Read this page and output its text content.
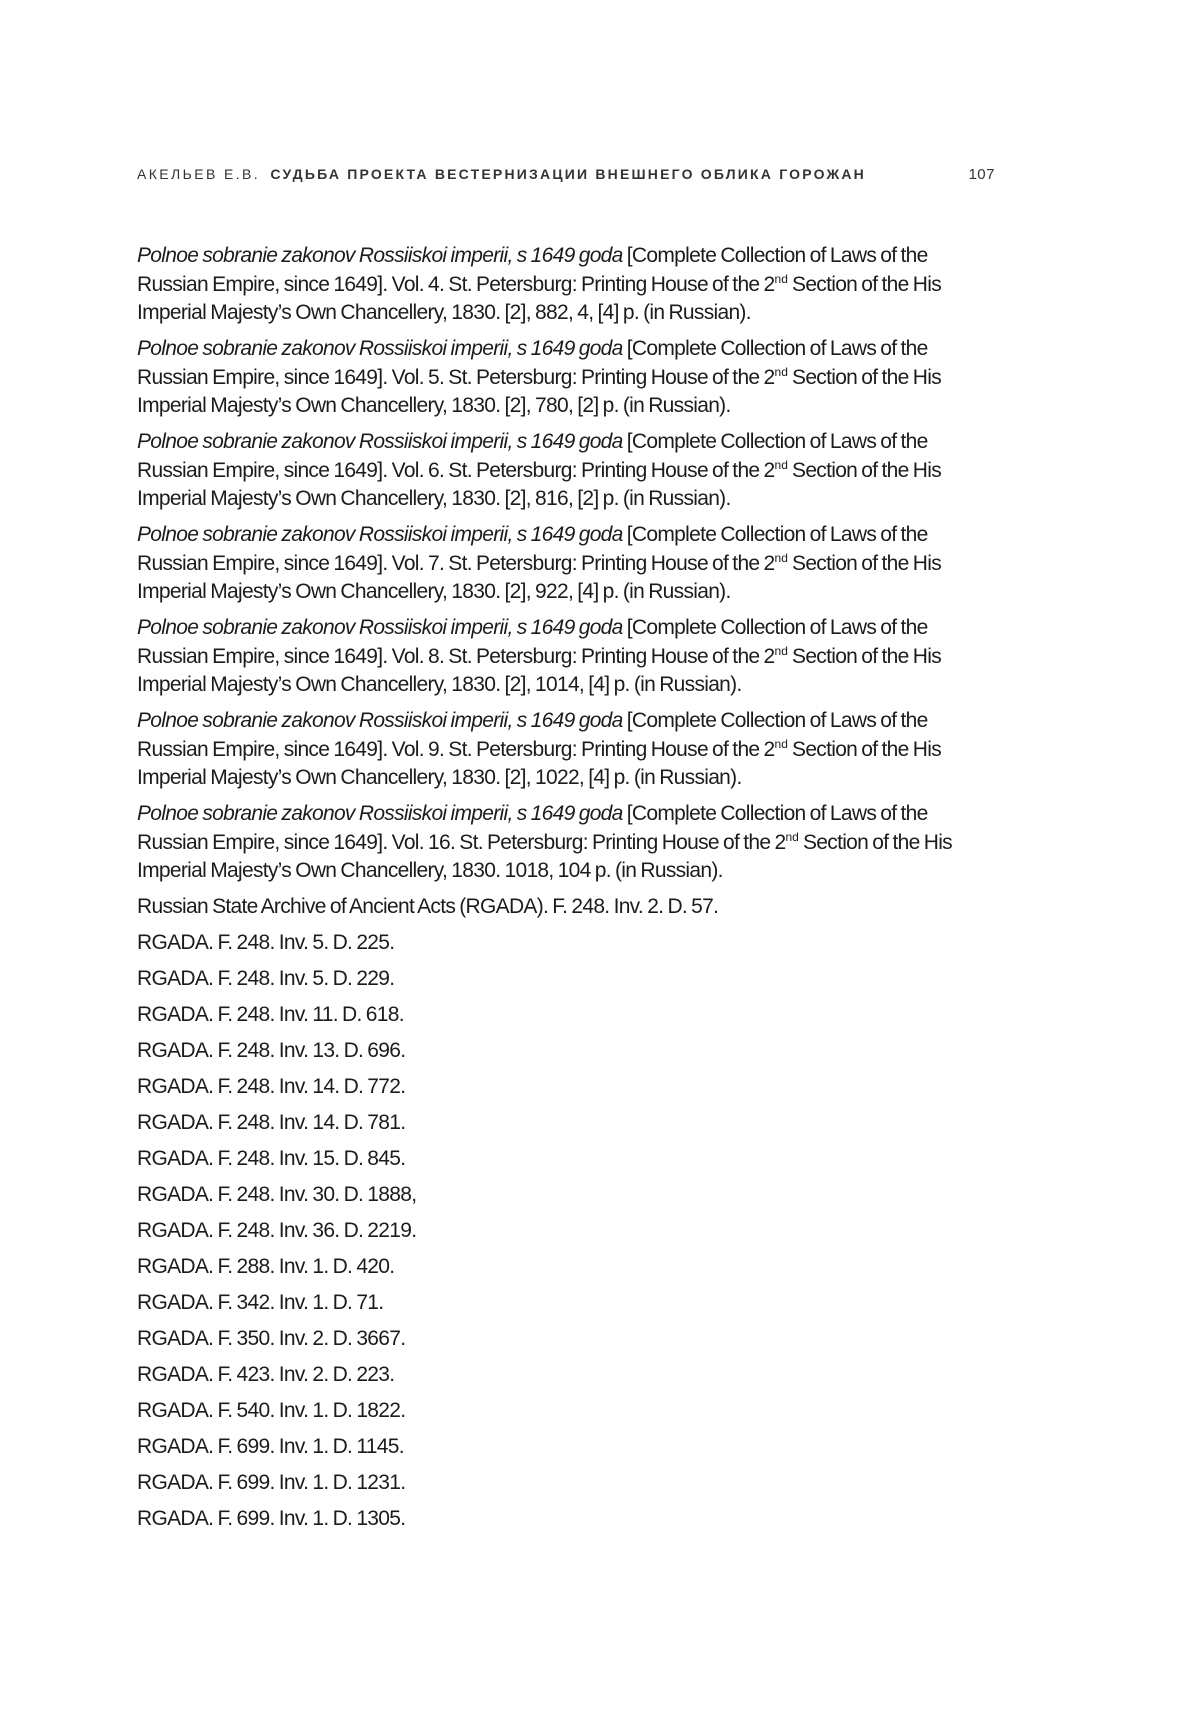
АКЕЛЬЕВ Е.В. СУДЬБА ПРОЕКТА ВЕСТЕРНИЗАЦИИ ВНЕШНЕГО ОБЛИКА ГОРОЖАН	107
Polnoe sobranie zakonov Rossiiskoi imperii, s 1649 goda [Complete Collection of Laws of the Russian Empire, since 1649]. Vol. 4. St. Petersburg: Printing House of the 2nd Section of the His Imperial Majesty’s Own Chancellery, 1830. [2], 882, 4, [4] p. (in Russian).
Polnoe sobranie zakonov Rossiiskoi imperii, s 1649 goda [Complete Collection of Laws of the Russian Empire, since 1649]. Vol. 5. St. Petersburg: Printing House of the 2nd Section of the His Imperial Majesty’s Own Chancellery, 1830. [2], 780, [2] p. (in Russian).
Polnoe sobranie zakonov Rossiiskoi imperii, s 1649 goda [Complete Collection of Laws of the Russian Empire, since 1649]. Vol. 6. St. Petersburg: Printing House of the 2nd Section of the His Imperial Majesty’s Own Chancellery, 1830. [2], 816, [2] p. (in Russian).
Polnoe sobranie zakonov Rossiiskoi imperii, s 1649 goda [Complete Collection of Laws of the Russian Empire, since 1649]. Vol. 7. St. Petersburg: Printing House of the 2nd Section of the His Imperial Majesty’s Own Chancellery, 1830. [2], 922, [4] p. (in Russian).
Polnoe sobranie zakonov Rossiiskoi imperii, s 1649 goda [Complete Collection of Laws of the Russian Empire, since 1649]. Vol. 8. St. Petersburg: Printing House of the 2nd Section of the His Imperial Majesty’s Own Chancellery, 1830. [2], 1014, [4] p. (in Russian).
Polnoe sobranie zakonov Rossiiskoi imperii, s 1649 goda [Complete Collection of Laws of the Russian Empire, since 1649]. Vol. 9. St. Petersburg: Printing House of the 2nd Section of the His Imperial Majesty’s Own Chancellery, 1830. [2], 1022, [4] p. (in Russian).
Polnoe sobranie zakonov Rossiiskoi imperii, s 1649 goda [Complete Collection of Laws of the Russian Empire, since 1649]. Vol. 16. St. Petersburg: Printing House of the 2nd Section of the His Imperial Majesty’s Own Chancellery, 1830. 1018, 104 p. (in Russian).
Russian State Archive of Ancient Acts (RGADA). F. 248. Inv. 2. D. 57.
RGADA. F. 248. Inv. 5. D. 225.
RGADA. F. 248. Inv. 5. D. 229.
RGADA. F. 248. Inv. 11. D. 618.
RGADA. F. 248. Inv. 13. D. 696.
RGADA. F. 248. Inv. 14. D. 772.
RGADA. F. 248. Inv. 14. D. 781.
RGADA. F. 248. Inv. 15. D. 845.
RGADA. F. 248. Inv. 30. D. 1888,
RGADA. F. 248. Inv. 36. D. 2219.
RGADA. F. 288. Inv. 1. D. 420.
RGADA. F. 342. Inv. 1. D. 71.
RGADA. F. 350. Inv. 2. D. 3667.
RGADA. F. 423. Inv. 2. D. 223.
RGADA. F. 540. Inv. 1. D. 1822.
RGADA. F. 699. Inv. 1. D. 1145.
RGADA. F. 699. Inv. 1. D. 1231.
RGADA. F. 699. Inv. 1. D. 1305.
